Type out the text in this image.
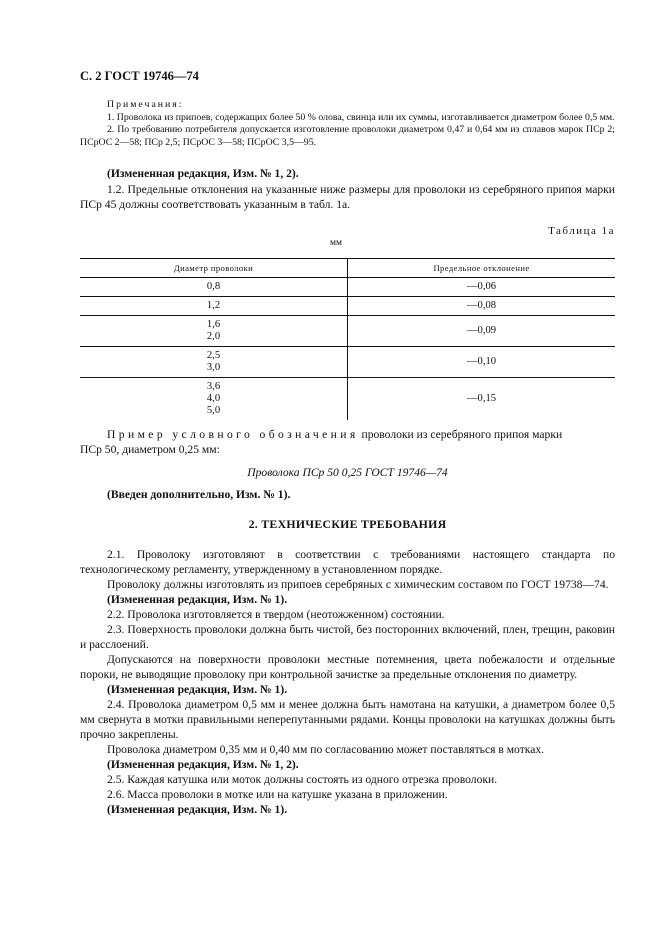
С. 2 ГОСТ 19746—74

Примечания:

1. Проволока из припоев, содержащих более 50 % олова, свинца или их суммы, изготавливается диаметром более 0,5 мм.

2. По требованию потребителя допускается изготовление проволоки диаметром 0,47 и 0,64 мм из сплавов марок ПСр 2; ПСрОС 2—58; ПСр 2,5; ПСрОС 3—58; ПСрОС 3,5—95.

(Измененная редакция, Изм. № 1, 2).

1.2. Предельные отклонения на указанные ниже размеры для проволоки из серебряного припоя марки ПСр 45 должны соответствовать указанным в табл. 1а.

Таблица 1а
мм
Диаметр проволоки	Предельное отклонение

0,8	—0,06

1,2	—0,08

1,6
2,0	—0,09

2,5
3,0	—0,10

3,6
4,0
5,0	—0,15

Пример условного обозначения проволоки из серебряного припоя марки

ПСр 50, диаметром 0,25 мм:

Проволока ПСр 50 0,25 ГОСТ 19746—74

(Введен дополнительно, Изм. № 1).

2. ТЕХНИЧЕСКИЕ ТРЕБОВАНИЯ

2.1. Проволоку изготовляют в соответствии с требованиями настоящего стандарта по технологическому регламенту, утвержденному в установленном порядке.

Проволоку должны изготовлять из припоев серебряных с химическим составом по ГОСТ 19738—74.

(Измененная редакция, Изм. № 1).

2.2. Проволока изготовляется в твердом (неотожженном) состоянии.

2.3. Поверхность проволоки должна быть чистой, без посторонних включений, плен, трещин, раковин и расслоений.

Допускаются на поверхности проволоки местные потемнения, цвета побежалости и отдельные пороки, не выводящие проволоку при контрольной зачистке за предельные отклонения по диаметру.

(Измененная редакция, Изм. № 1).

2.4. Проволока диаметром 0,5 мм и менее должна быть намотана на катушки, а диаметром более 0,5 мм свернута в мотки правильными неперепутанными рядами. Концы проволоки на катушках должны быть прочно закреплены.

Проволока диаметром 0,35 мм и 0,40 мм по согласованию может поставляться в мотках.

(Измененная редакция, Изм. № 1, 2).

2.5. Каждая катушка или моток должны состоять из одного отрезка проволоки.

2.6. Масса проволоки в мотке или на катушке указана в приложении.

(Измененная редакция, Изм. № 1).
